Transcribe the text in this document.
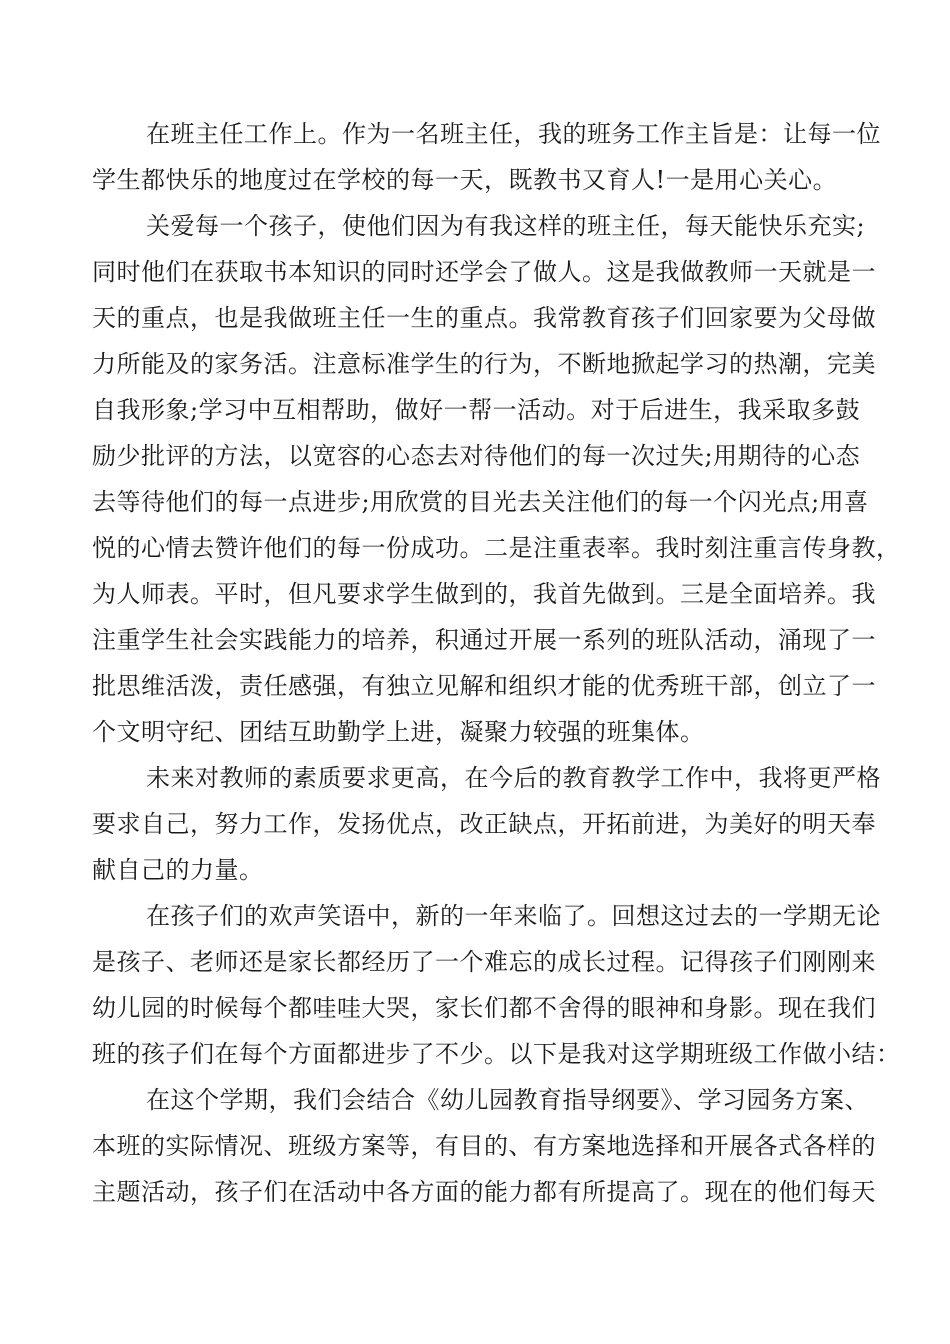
在班主任工作上。作为一名班主任，我的班务工作主旨是：让每一位
学生都快乐的地度过在学校的每一天，既教书又育人!一是用心关心。
关爱每一个孩子，使他们因为有我这样的班主任，每天能快乐充实;
同时他们在获取书本知识的同时还学会了做人。这是我做教师一天就是一
天的重点，也是我做班主任一生的重点。我常教育孩子们回家要为父母做
力所能及的家务活。注意标准学生的行为，不断地掀起学习的热潮，完美
自我形象;学习中互相帮助，做好一帮一活动。对于后进生，我采取多鼓
励少批评的方法，以宽容的心态去对待他们的每一次过失;用期待的心态
去等待他们的每一点进步;用欣赏的目光去关注他们的每一个闪光点;用喜
悦的心情去赞许他们的每一份成功。二是注重表率。我时刻注重言传身教，
为人师表。平时，但凡要求学生做到的，我首先做到。三是全面培养。我
注重学生社会实践能力的培养，积通过开展一系列的班队活动，涌现了一
批思维活泼，责任感强，有独立见解和组织才能的优秀班干部，创立了一
个文明守纪、团结互助勤学上进，凝聚力较强的班集体。
未来对教师的素质要求更高，在今后的教育教学工作中，我将更严格
要求自己，努力工作，发扬优点，改正缺点，开拓前进，为美好的明天奉
献自己的力量。
在孩子们的欢声笑语中，新的一年来临了。回想这过去的一学期无论
是孩子、老师还是家长都经历了一个难忘的成长过程。记得孩子们刚刚来
幼儿园的时候每个都哇哇大哭，家长们都不舍得的眼神和身影。现在我们
班的孩子们在每个方面都进步了不少。以下是我对这学期班级工作做小结：
在这个学期，我们会结合《幼儿园教育指导纲要》、学习园务方案、
本班的实际情况、班级方案等，有目的、有方案地选择和开展各式各样的
主题活动，孩子们在活动中各方面的能力都有所提高了。现在的他们每天
